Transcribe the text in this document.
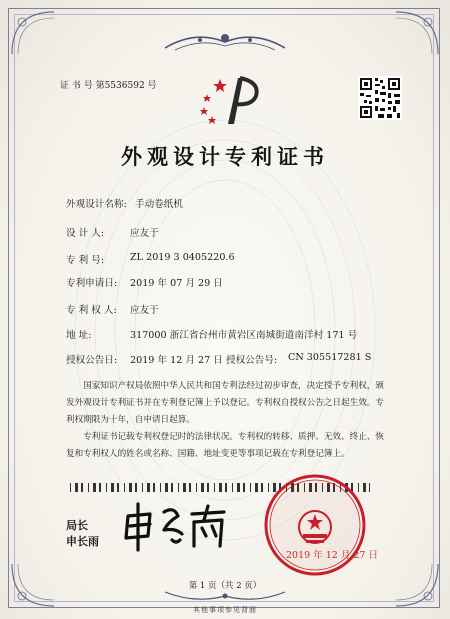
证 书 号 第5536592 号
外观设计专利证书
外观设计名称: 手动卷纸机
设 计 人:	应友于
专 利 号:	ZL 2019 3 0405220.6
专利申请日: 2019 年 07 月 29 日
专 利 权 人: 应友于
地 址:	317000 浙江省台州市黄岩区南城街道南洋村 171 号
授权公告日: 2019 年 12 月 27 日 授权公告号: CN 305517281 S
国家知识产权局依照中华人民共和国专利法经过初步审查，决定授予专利权，颁发外观设计专利证书并在专利登记簿上予以登记。专利权自授权公告之日起生效。专利权期限为十年，自申请日起算。
专利证书记载专利权登记时的法律状况。专利权的转移、质押、无效、终止、恢复和专利权人的姓名或名称、国籍、地址变更等事项记载在专利登记簿上。
局长
申长雨
2019 年 12 月 27 日
第 1 页（共 2 页）
其他事项参见背面
